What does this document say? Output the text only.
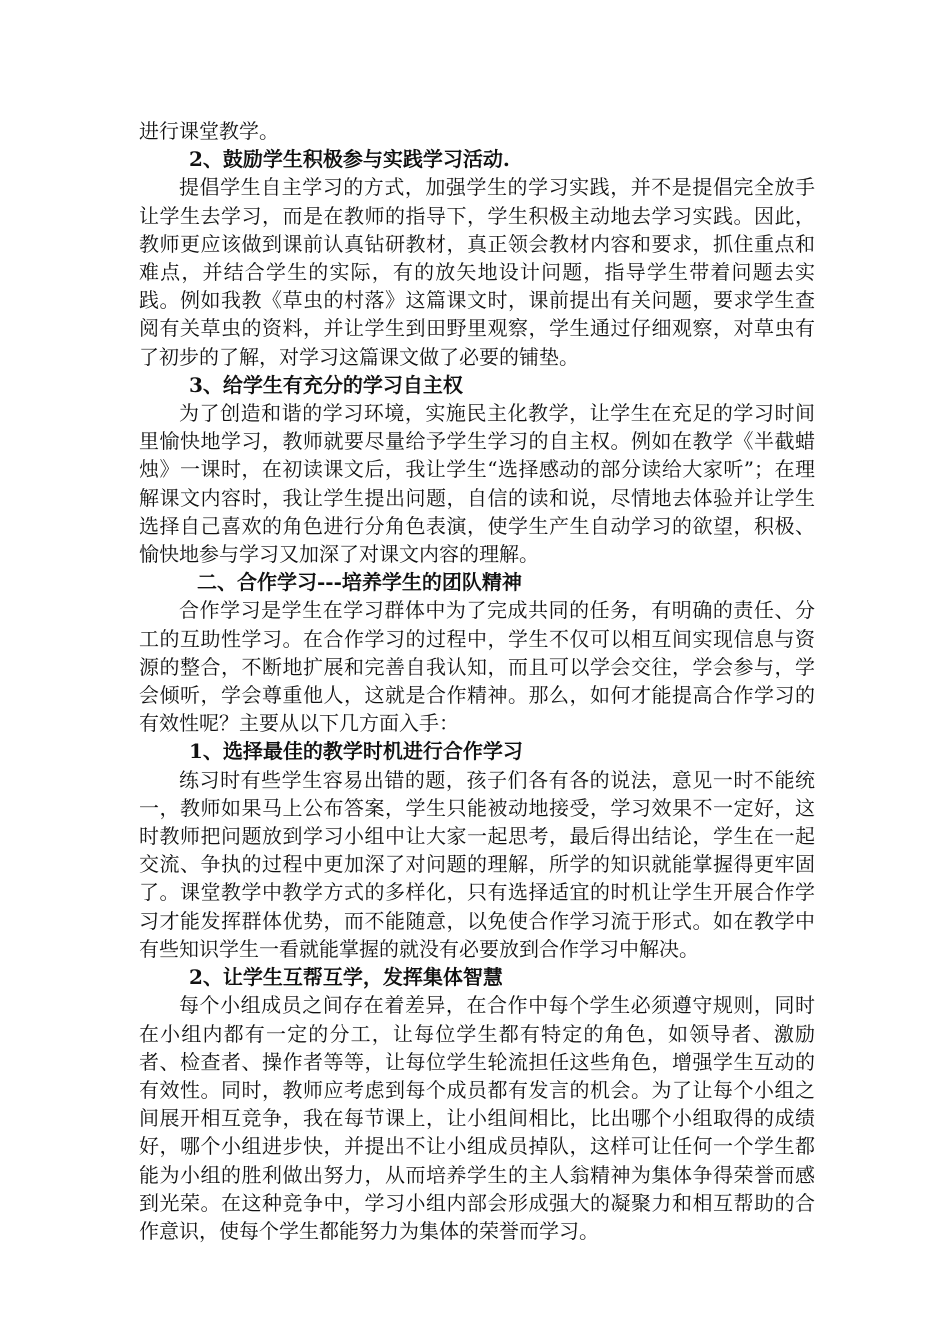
进行课堂教学。

2、鼓励学生积极参与实践学习活动.

提倡学生自主学习的方式，加强学生的学习实践，并不是提倡完全放手让学生去学习，而是在教师的指导下，学生积极主动地去学习实践。因此，教师更应该做到课前认真钻研教材，真正领会教材内容和要求，抓住重点和难点，并结合学生的实际，有的放矢地设计问题，指导学生带着问题去实践。例如我教《草虫的村落》这篇课文时，课前提出有关问题，要求学生查阅有关草虫的资料，并让学生到田野里观察，学生通过仔细观察，对草虫有了初步的了解，对学习这篇课文做了必要的铺垫。

3、给学生有充分的学习自主权

为了创造和谐的学习环境，实施民主化教学，让学生在充足的学习时间里愉快地学习，教师就要尽量给予学生学习的自主权。例如在教学《半截蜡烛》一课时，在初读课文后，我让学生“选择感动的部分读给大家听”；在理解课文内容时，我让学生提出问题，自信的读和说，尽情地去体验并让学生选择自己喜欢的角色进行分角色表演，使学生产生自动学习的欲望，积极、愉快地参与学习又加深了对课文内容的理解。

二、合作学习---培养学生的团队精神

合作学习是学生在学习群体中为了完成共同的任务，有明确的责任、分工的互助性学习。在合作学习的过程中，学生不仅可以相互间实现信息与资源的整合，不断地扩展和完善自我认知，而且可以学会交往，学会参与，学会倾听，学会尊重他人，这就是合作精神。那么，如何才能提高合作学习的有效性呢？主要从以下几方面入手：

1、选择最佳的教学时机进行合作学习

练习时有些学生容易出错的题，孩子们各有各的说法，意见一时不能统一，教师如果马上公布答案，学生只能被动地接受，学习效果不一定好，这时教师把问题放到学习小组中让大家一起思考，最后得出结论，学生在一起交流、争执的过程中更加深了对问题的理解，所学的知识就能掌握得更牢固了。课堂教学中教学方式的多样化，只有选择适宜的时机让学生开展合作学习才能发挥群体优势，而不能随意，以免使合作学习流于形式。如在教学中有些知识学生一看就能掌握的就没有必要放到合作学习中解决。

2、让学生互帮互学，发挥集体智慧

每个小组成员之间存在着差异，在合作中每个学生必须遵守规则，同时在小组内都有一定的分工，让每位学生都有特定的角色，如领导者、激励者、检查者、操作者等等，让每位学生轮流担任这些角色，增强学生互动的有效性。同时，教师应考虑到每个成员都有发言的机会。为了让每个小组之间展开相互竞争，我在每节课上，让小组间相比，比出哪个小组取得的成绩好，哪个小组进步快，并提出不让小组成员掉队，这样可让任何一个学生都能为小组的胜利做出努力，从而培养学生的主人翁精神为集体争得荣誉而感到光荣。在这种竞争中，学习小组内部会形成强大的凝聚力和相互帮助的合作意识，使每个学生都能努力为集体的荣誉而学习。
